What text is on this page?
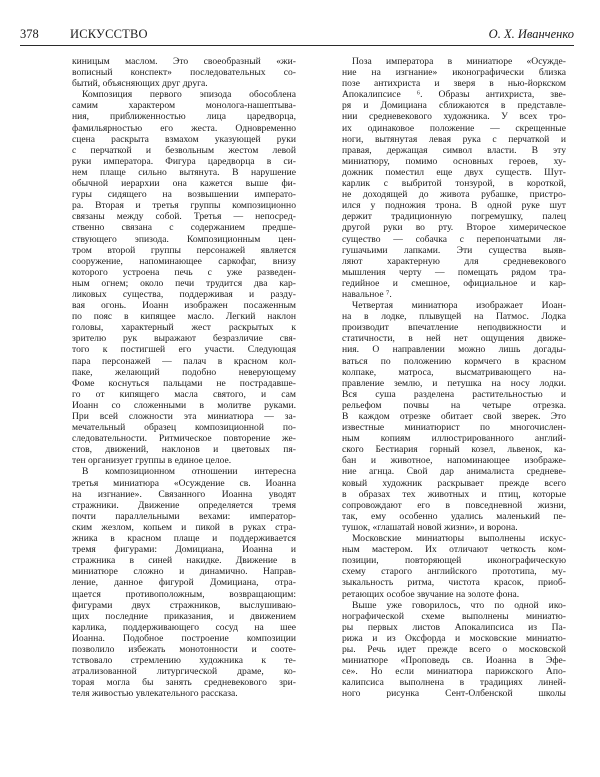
378	ИСКУССТВО	О. Х. Иванченко
киницым маслом. Это своеобразный «жи-
вописный конспект» последовательных со-
бытий, объясняющих друг друга.
Композиция первого эпизода обособлена
самим характером монолога-нашептыва-
ния, приближенностью лица царедворца,
фамильярностью его жеста. Одновременно
сцена раскрыта взмахом указующей руки
с перчаткой и безвольным жестом левой
руки императора. Фигура царедворца в си-
нем плаще сильно вытянута. В нарушение
обычной иерархии она кажется выше фи-
гуры сидящего на возвышении императо-
ра. Вторая и третья группы композиционно
связаны между собой. Третья — непосред-
ственно связана с содержанием предше-
ствующего эпизода. Композиционным цен-
тром второй группы персонажей является
сооружение, напоминающее саркофаг, внизу
которого устроена печь с уже разведен-
ным огнем; около печи трудится два кар-
ликовых существа, поддерживая и разду-
вая огонь. Иоанн изображен посаженным
по пояс в кипящее масло. Легкий наклон
головы, характерный жест раскрытых к
зрителю рук выражают безразличие свя-
того к постигшей его участи. Следующая
пара персонажей — палач в красном кол-
паке, желающий подобно неверующему
Фоме коснуться пальцами не пострадавше-
го от кипящего масла святого, и сам
Иоанн со сложенными в молитве руками.
При всей сложности эта миниатюра — за-
мечательный образец композиционной по-
следовательности. Ритмическое повторение же-
стов, движений, наклонов и цветовых пя-
тен организует группы в единое целое.
В композиционном отношении интересна
третья миниатюра «Осуждение св. Иоанна
на изгнание». Связанного Иоанна уводят
стражники. Движение определяется тремя
почти параллельными вехами: император-
ским жезлом, копьем и пикой в руках стра-
жника в красном плаще и поддерживается
тремя фигурами: Домициана, Иоанна и
стражника в синей накидке. Движение в
миниатюре сложно и динамично. Направ-
ление, данное фигурой Домициана, отра-
щается противоположным, возвращающим:
фигурами двух стражников, выслушиваю-
щих последние приказания, и движением
карлика, поддерживающего сосуд на шее
Иоанна. Подобное построение композиции
позволило избежать монотонности и сооте-
тствовало стремлению художника к те-
атрализованной литургической драме, ко-
торая могла бы занять средневекового зри-
теля живостью увлекательного рассказа.
Поза императора в миниатюре «Осужде-
ние на изгнание» иконографически близка
позе антихриста и зверя в нью-йоркском
Апокалипсисе ⁶. Образы антихриста, зве-
ря и Домициана сближаются в представле-
нии средневекового художника. У всех тро-
их одинаковое положение — скрещенные
ноги, вытянутая левая рука с перчаткой и
правая, держащая символ власти. В эту
миниатюру, помимо основных героев, ху-
дожник поместил еще двух существ. Шут-
карлик с выбритой тонзурой, в короткой,
не доходящей до живота рубашке, пристро-
ился у подножия трона. В одной руке шут
держит традиционную погремушку, палец
другой руки во рту. Второе химерическое
существо — собачка с перепончатыми ля-
гушачьими лапками. Эти существа выяв-
ляют характерную для средневекового
мышления черту — помещать рядом тра-
гедийное и смешное, официальное и кар-
навальное ⁷.
Четвертая миниатюра изображает Иоан-
на в лодке, плывущей на Патмос. Лодка
производит впечатление неподвижности и
статичности, в ней нет ощущения движе-
ния. О направлении можно лишь догады-
ваться по положению кормчего в красном
колпаке, матроса, высматривающего на-
правление землю, и петушка на носу лодки.
Вся суша разделена растительностью и
рельефом почвы на четыре отрезка.
В каждом отрезке обитает свой зверек. Это
известные миниатюрист по многочислен-
ным копиям иллюстрированного англий-
ского Бестиария горный козел, львенок, ка-
бан и животное, напоминающее изображе-
ние агнца. Свой дар анималиста средневе-
ковый художник раскрывает прежде всего
в образах тех животных и птиц, которые
сопровождают его в повседневной жизни,
так, ему особенно удались маленький пе-
тушок, «глашатай новой жизни», и ворона.
Московские миниатюры выполнены искус-
ным мастером. Их отличают четкость ком-
позиции, повторяющей иконографическую
схему старого английского прототипа, му-
зыкальность ритма, чистота красок, приоб-
ретающих особое звучание на золоте фона.
Выше уже говорилось, что по одной ико-
нографической схеме выполнены миниатю-
ры первых листов Апокалипсиса из Па-
рижа и из Оксфорда и московские миниатю-
ры. Речь идет прежде всего о московской
миниатюре «Проповедь св. Иоанна в Эфе-
се». Но если миниатюра парижского Апо-
калипсиса выполнена в традициях линей-
ного рисунка Сент-Олбенской школы
